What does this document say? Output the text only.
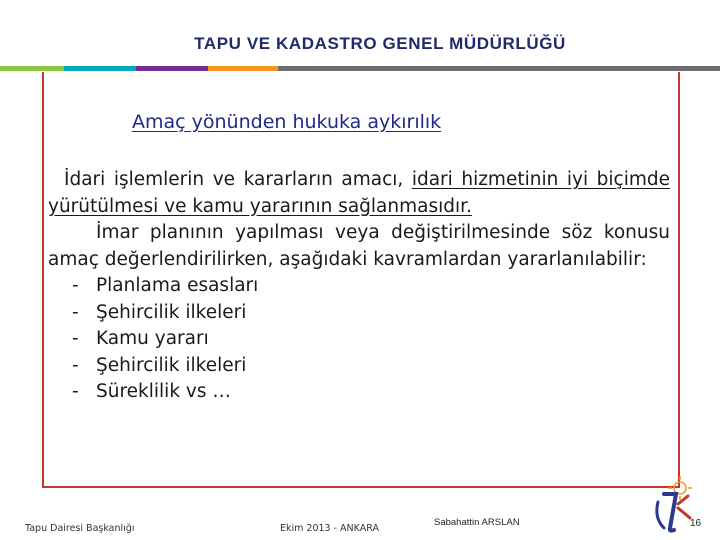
TAPU VE KADASTRO GENEL MÜDÜRLÜĞÜ
Amaç yönünden hukuka aykırılık

İdari işlemlerin ve kararların amacı, idari hizmetinin iyi biçimde yürütülmesi ve kamu yararının sağlanmasıdır.

İmar planının yapılması veya değiştirilmesinde söz konusu amaç değerlendirilirken, aşağıdaki kavramlardan yararlanılabilir:

- Planlama esasları
- Şehircilik ilkeleri
- Kamu yararı
- Şehircilik ilkeleri
- Süreklilik vs …
Tapu Dairesi Başkanlığı	Ekim 2013 - ANKARA
Sabahattin ARSLAN	16
